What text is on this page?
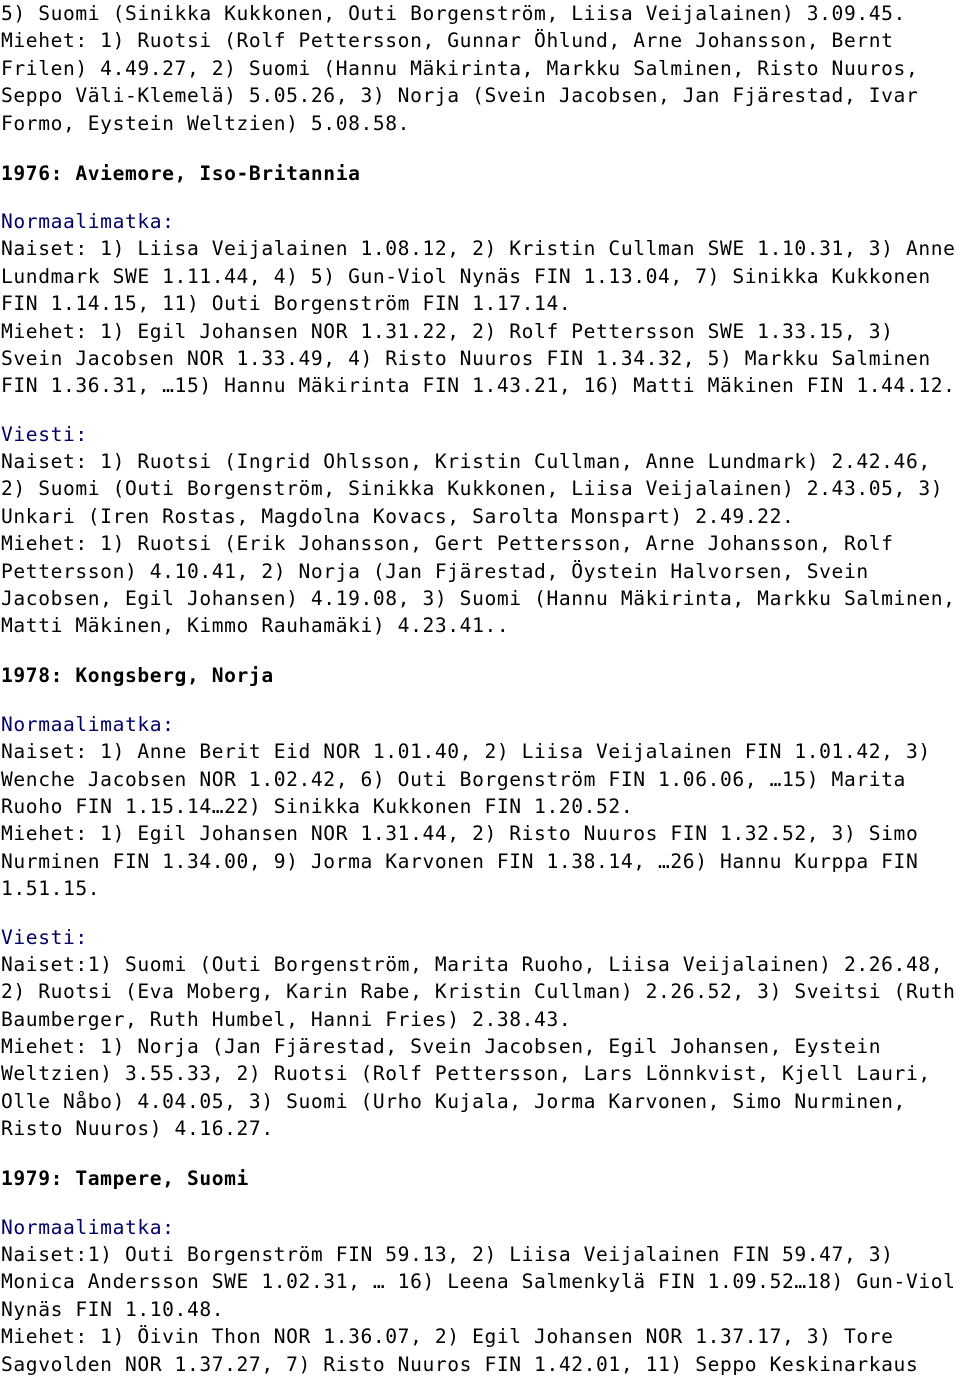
5) Suomi (Sinikka Kukkonen, Outi Borgenström, Liisa Veijalainen) 3.09.45.
Miehet: 1) Ruotsi (Rolf Pettersson, Gunnar Öhlund, Arne Johansson, Bernt
Frilen) 4.49.27, 2) Suomi (Hannu Mäkirinta, Markku Salminen, Risto Nuuros,
Seppo Väli-Klemelä) 5.05.26, 3) Norja (Svein Jacobsen, Jan Fjärestad, Ivar
Formo, Eystein Weltzien) 5.08.58.
1976: Aviemore, Iso-Britannia
Normaalimatka:
Naiset: 1) Liisa Veijalainen 1.08.12, 2) Kristin Cullman SWE 1.10.31, 3) Anne
Lundmark SWE 1.11.44, 4) 5) Gun-Viol Nynäs FIN 1.13.04, 7) Sinikka Kukkonen
FIN 1.14.15, 11) Outi Borgenström FIN 1.17.14.
Miehet: 1) Egil Johansen NOR 1.31.22, 2) Rolf Pettersson SWE 1.33.15, 3)
Svein Jacobsen NOR 1.33.49, 4) Risto Nuuros FIN 1.34.32, 5) Markku Salminen
FIN 1.36.31, …15) Hannu Mäkirinta FIN 1.43.21, 16) Matti Mäkinen FIN 1.44.12.
Viesti:
Naiset: 1) Ruotsi (Ingrid Ohlsson, Kristin Cullman, Anne Lundmark) 2.42.46,
2) Suomi (Outi Borgenström, Sinikka Kukkonen, Liisa Veijalainen) 2.43.05, 3)
Unkari (Iren Rostas, Magdolna Kovacs, Sarolta Monspart) 2.49.22.
Miehet: 1) Ruotsi (Erik Johansson, Gert Pettersson, Arne Johansson, Rolf
Pettersson) 4.10.41, 2) Norja (Jan Fjärestad, Öystein Halvorsen, Svein
Jacobsen, Egil Johansen) 4.19.08, 3) Suomi (Hannu Mäkirinta, Markku Salminen,
Matti Mäkinen, Kimmo Rauhamäki) 4.23.41..
1978: Kongsberg, Norja
Normaalimatka:
Naiset: 1) Anne Berit Eid NOR 1.01.40, 2) Liisa Veijalainen FIN 1.01.42, 3)
Wenche Jacobsen NOR 1.02.42, 6) Outi Borgenström FIN 1.06.06, …15) Marita
Ruoho FIN 1.15.14…22) Sinikka Kukkonen FIN 1.20.52.
Miehet: 1) Egil Johansen NOR 1.31.44, 2) Risto Nuuros FIN 1.32.52, 3) Simo
Nurminen FIN 1.34.00, 9) Jorma Karvonen FIN 1.38.14, …26) Hannu Kurppa FIN
1.51.15.
Viesti:
Naiset:1) Suomi (Outi Borgenström, Marita Ruoho, Liisa Veijalainen) 2.26.48,
2) Ruotsi (Eva Moberg, Karin Rabe, Kristin Cullman) 2.26.52, 3) Sveitsi (Ruth
Baumberger, Ruth Humbel, Hanni Fries) 2.38.43.
Miehet: 1) Norja (Jan Fjärestad, Svein Jacobsen, Egil Johansen, Eystein
Weltzien) 3.55.33, 2) Ruotsi (Rolf Pettersson, Lars Lönnkvist, Kjell Lauri,
Olle Nåbo) 4.04.05, 3) Suomi (Urho Kujala, Jorma Karvonen, Simo Nurminen,
Risto Nuuros) 4.16.27.
1979: Tampere, Suomi
Normaalimatka:
Naiset:1) Outi Borgenström FIN 59.13, 2) Liisa Veijalainen FIN 59.47, 3)
Monica Andersson SWE 1.02.31, … 16) Leena Salmenkylä FIN 1.09.52…18) Gun-Viol
Nynäs FIN 1.10.48.
Miehet: 1) Öivin Thon NOR 1.36.07, 2) Egil Johansen NOR 1.37.17, 3) Tore
Sagvolden NOR 1.37.27, 7) Risto Nuuros FIN 1.42.01, 11) Seppo Keskinarkaus
